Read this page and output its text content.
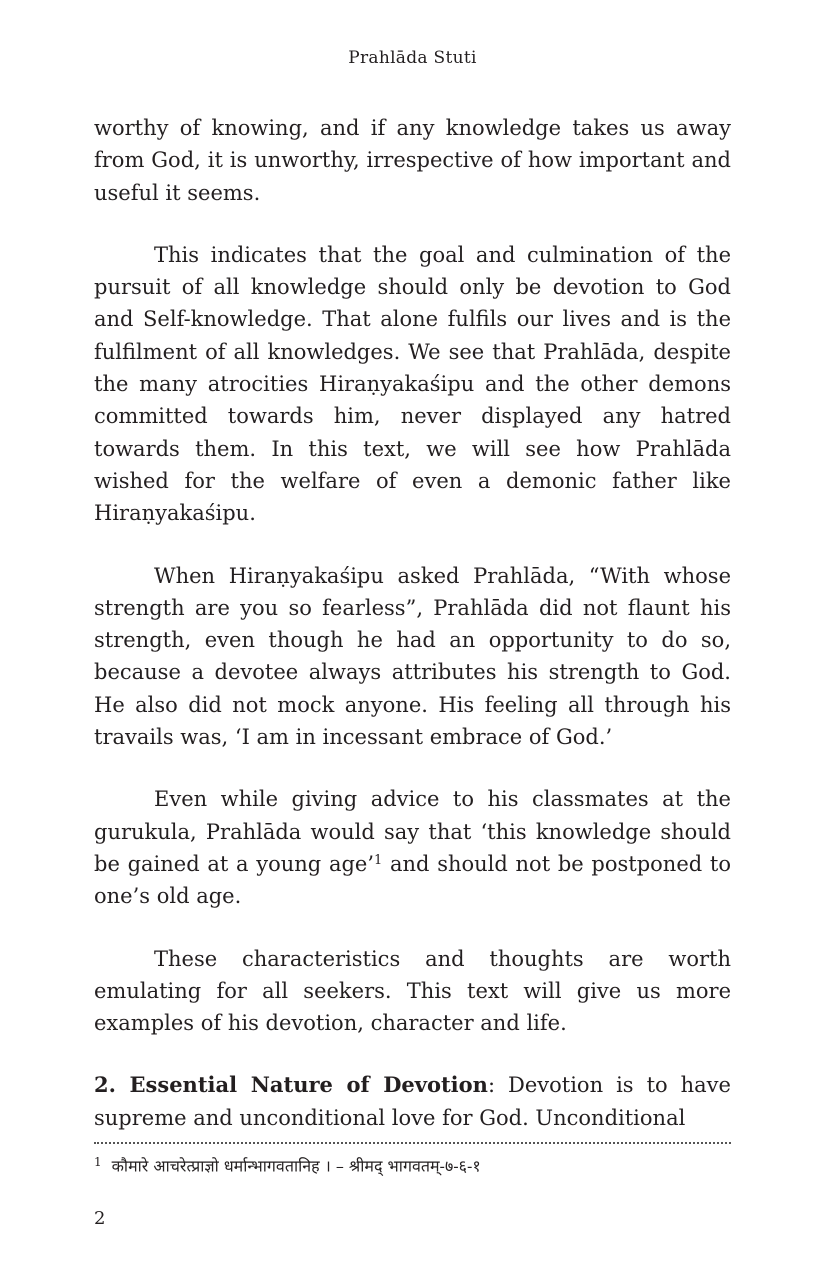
Prahlāda Stuti

worthy of knowing, and if any knowledge takes us away from God, it is unworthy, irrespective of how important and useful it seems.

This indicates that the goal and culmination of the pursuit of all knowledge should only be devotion to God and Self-knowledge. That alone fulfils our lives and is the fulfilment of all knowledges. We see that Prahlāda, despite the many atrocities Hiraṇyakaśipu and the other demons committed towards him, never displayed any hatred towards them. In this text, we will see how Prahlāda wished for the welfare of even a demonic father like Hiraṇyakaśipu.

When Hiraṇyakaśipu asked Prahlāda, “With whose strength are you so fearless”, Prahlāda did not flaunt his strength, even though he had an opportunity to do so, because a devotee always attributes his strength to God. He also did not mock anyone. His feeling all through his travails was, ‘I am in incessant embrace of God.’

Even while giving advice to his classmates at the gurukula, Prahlāda would say that ‘this knowledge should be gained at a young age’$^1$ and should not be postponed to one’s old age.

These characteristics and thoughts are worth emulating for all seekers. This text will give us more examples of his devotion, character and life.

2. Essential Nature of Devotion: Devotion is to have supreme and unconditional love for God. Unconditional

$^1$ कौमारे आचरेत्प्राज्ञो धर्मान्भागवतानिह । – श्रीमद् भागवतम्-७-६-१
2
